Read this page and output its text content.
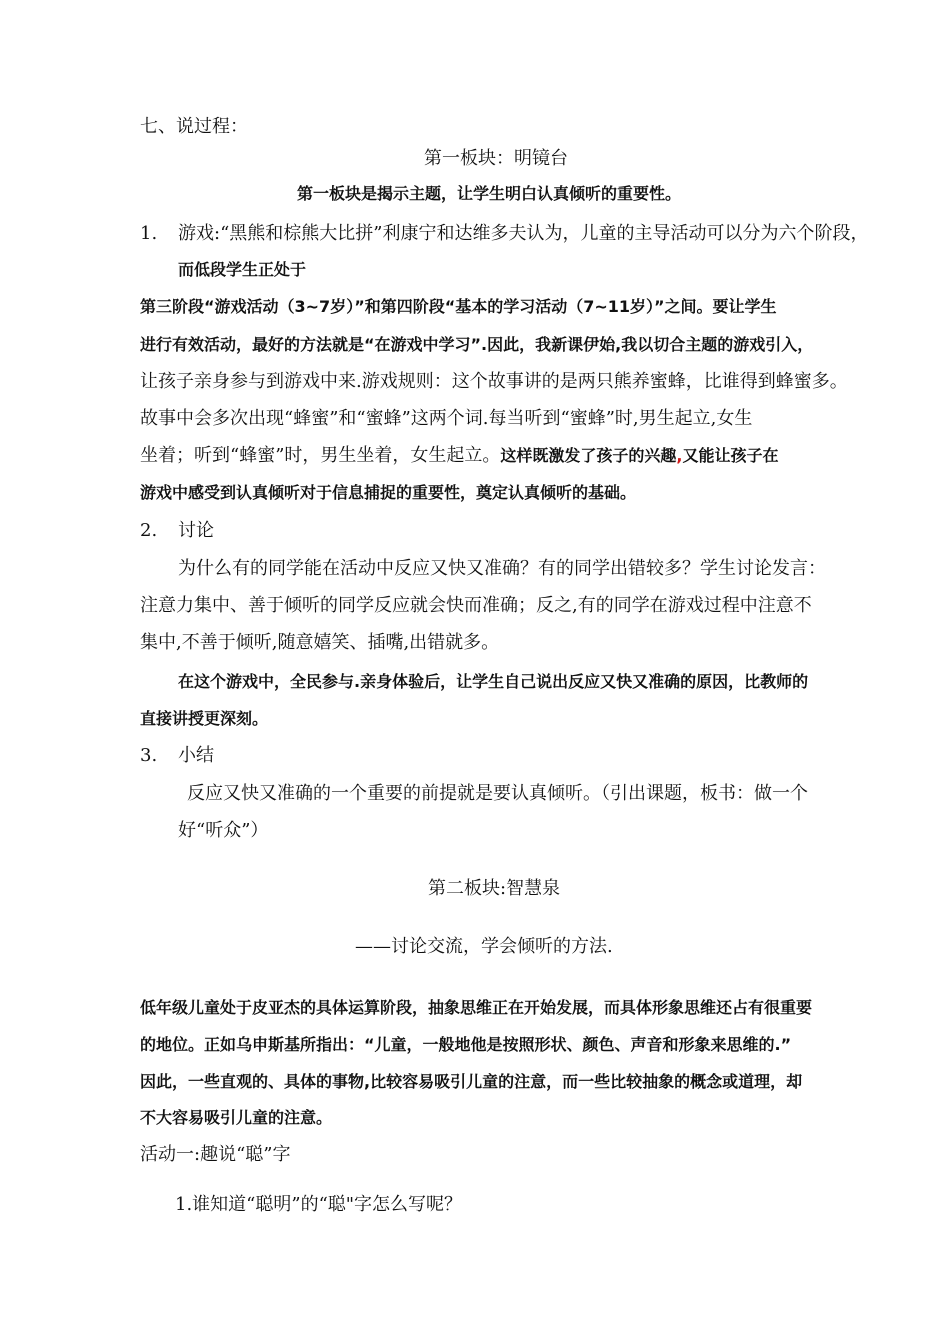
七、说过程：
第一板块：明镜台
第一板块是揭示主题，让学生明白认真倾听的重要性。
1. 游戏:“黑熊和棕熊大比拼”利康宁和达维多夫认为，儿童的主导活动可以分为六个阶段，
而低段学生正处于
第三阶段“游戏活动（3~7岁）”和第四阶段“基本的学习活动（7~11岁）”之间。要让学生
进行有效活动，最好的方法就是“在游戏中学习”.因此，我新课伊始,我以切合主题的游戏引入，
让孩子亲身参与到游戏中来.游戏规则：这个故事讲的是两只熊养蜜蜂，比谁得到蜂蜜多。
故事中会多次出现“蜂蜜”和“蜜蜂”这两个词.每当听到“蜜蜂”时,男生起立,女生
坐着；听到“蜂蜜”时，男生坐着，女生起立。这样既激发了孩子的兴趣,又能让孩子在
游戏中感受到认真倾听对于信息捕捉的重要性，奠定认真倾听的基础。
2. 讨论
为什么有的同学能在活动中反应又快又准确？有的同学出错较多？学生讨论发言：
注意力集中、善于倾听的同学反应就会快而准确；反之,有的同学在游戏过程中注意不
集中,不善于倾听,随意嬉笑、插嘴,出错就多。
在这个游戏中，全民参与.亲身体验后，让学生自己说出反应又快又准确的原因，比教师的
直接讲授更深刻。
3. 小结
反应又快又准确的一个重要的前提就是要认真倾听。（引出课题，板书：做一个
好“听众”）
第二板块:智慧泉
——讨论交流，学会倾听的方法.
低年级儿童处于皮亚杰的具体运算阶段，抽象思维正在开始发展，而具体形象思维还占有很重要
的地位。正如乌申斯基所指出：“儿童，一般地他是按照形状、颜色、声音和形象来思维的.”
因此，一些直观的、具体的事物,比较容易吸引儿童的注意，而一些比较抽象的概念或道理，却
不大容易吸引儿童的注意。
活动一:趣说“聪”字
1.谁知道“聪明”的“聪"字怎么写呢？
